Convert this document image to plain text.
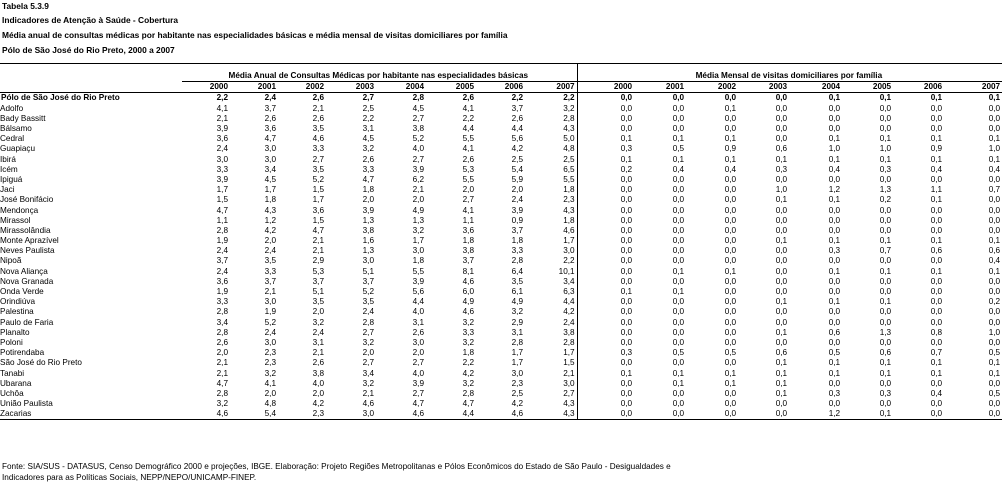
Tabela 5.3.9
Indicadores de Atenção à Saúde - Cobertura
Média anual de consultas médicas por habitante nas especialidades básicas e média mensal de visitas domiciliares por família
Pólo de São José do Rio Preto, 2000 a 2007

	Média Anual de Consultas Médicas por habitante nas especialidades básicas								Média Mensal de visitas domiciliares por família							
	2000	2001	2002	2003	2004	2005	2006	2007	2000	2001	2002	2003	2004	2005	2006	2007
Pólo de São José do Rio Preto	2,2	2,4	2,6	2,7	2,8	2,6	2,2	2,2	0,0	0,0	0,0	0,0	0,1	0,1	0,1	0,1
Adolfo	4,1	3,7	2,1	2,5	4,5	4,1	3,7	3,2	0,0	0,0	0,1	0,0	0,0	0,0	0,0	0,0
Bady Bassitt	2,1	2,6	2,6	2,2	2,7	2,2	2,6	2,8	0,0	0,0	0,0	0,0	0,0	0,0	0,0	0,0
Bálsamo	3,9	3,6	3,5	3,1	3,8	4,4	4,4	4,3	0,0	0,0	0,0	0,0	0,0	0,0	0,0	0,0
Cedral	3,6	4,7	4,6	4,5	5,2	5,5	5,6	5,0	0,1	0,1	0,1	0,0	0,1	0,1	0,1	0,1
Guapiaçu	2,4	3,0	3,3	3,2	4,0	4,1	4,2	4,8	0,3	0,5	0,9	0,6	1,0	1,0	0,9	1,0
Ibirá	3,0	3,0	2,7	2,6	2,7	2,6	2,5	2,5	0,1	0,1	0,1	0,1	0,1	0,1	0,1	0,1
Icém	3,3	3,4	3,5	3,3	3,9	5,3	5,4	6,5	0,2	0,4	0,4	0,3	0,4	0,3	0,4	0,4
Ipiguá	3,9	4,5	5,2	4,7	6,2	5,5	5,9	5,5	0,0	0,0	0,0	0,0	0,0	0,0	0,0	0,0
Jaci	1,7	1,7	1,5	1,8	2,1	2,0	2,0	1,8	0,0	0,0	0,0	1,0	1,2	1,3	1,1	0,7
José Bonifácio	1,5	1,8	1,7	2,0	2,0	2,7	2,4	2,3	0,0	0,0	0,0	0,1	0,1	0,2	0,1	0,0
Mendonça	4,7	4,3	3,6	3,9	4,9	4,1	3,9	4,3	0,0	0,0	0,0	0,0	0,0	0,0	0,0	0,0
Mirassol	1,1	1,2	1,5	1,3	1,3	1,1	0,9	1,8	0,0	0,0	0,0	0,0	0,0	0,0	0,0	0,0
Mirassolândia	2,8	4,2	4,7	3,8	3,2	3,6	3,7	4,6	0,0	0,0	0,0	0,0	0,0	0,0	0,0	0,0
Monte Aprazível	1,9	2,0	2,1	1,6	1,7	1,8	1,8	1,7	0,0	0,0	0,0	0,1	0,1	0,1	0,1	0,1
Neves Paulista	2,4	2,4	2,1	1,3	3,0	3,8	3,3	3,0	0,0	0,0	0,0	0,0	0,3	0,7	0,6	0,6
Nipoã	3,7	3,5	2,9	3,0	1,8	3,7	2,8	2,2	0,0	0,0	0,0	0,0	0,0	0,0	0,0	0,4
Nova Aliança	2,4	3,3	5,3	5,1	5,5	8,1	6,4	10,1	0,0	0,1	0,1	0,0	0,1	0,1	0,1	0,1
Nova Granada	3,6	3,7	3,7	3,7	3,9	4,6	3,5	3,4	0,0	0,0	0,0	0,0	0,0	0,0	0,0	0,0
Onda Verde	1,9	2,1	5,1	5,2	5,6	6,0	6,1	6,3	0,1	0,1	0,0	0,0	0,0	0,0	0,0	0,0
Orindiúva	3,3	3,0	3,5	3,5	4,4	4,9	4,9	4,4	0,0	0,0	0,0	0,1	0,1	0,1	0,0	0,2
Palestina	2,8	1,9	2,0	2,4	4,0	4,6	3,2	4,2	0,0	0,0	0,0	0,0	0,0	0,0	0,0	0,0
Paulo de Faria	3,4	5,2	3,2	2,8	3,1	3,2	2,9	2,4	0,0	0,0	0,0	0,0	0,0	0,0	0,0	0,0
Planalto	2,8	2,4	2,4	2,7	2,6	3,3	3,1	3,8	0,0	0,0	0,0	0,1	0,6	1,3	0,8	1,0
Poloni	2,6	3,0	3,1	3,2	3,0	3,2	2,8	2,8	0,0	0,0	0,0	0,0	0,0	0,0	0,0	0,0
Potirendaba	2,0	2,3	2,1	2,0	2,0	1,8	1,7	1,7	0,3	0,5	0,5	0,6	0,5	0,6	0,7	0,5
São José do Rio Preto	2,1	2,3	2,6	2,7	2,7	2,2	1,7	1,5	0,0	0,0	0,0	0,1	0,1	0,1	0,1	0,1
Tanabi	2,1	3,2	3,8	3,4	4,0	4,2	3,0	2,1	0,1	0,1	0,1	0,1	0,1	0,1	0,1	0,1
Ubarana	4,7	4,1	4,0	3,2	3,9	3,2	2,3	3,0	0,0	0,1	0,1	0,1	0,0	0,0	0,0	0,0
Uchôa	2,8	2,0	2,0	2,1	2,7	2,8	2,5	2,7	0,0	0,0	0,0	0,1	0,3	0,3	0,4	0,5
União Paulista	3,2	4,8	4,2	4,6	4,7	4,7	4,2	4,3	0,0	0,0	0,0	0,0	0,0	0,0	0,0	0,0
Zacarias	4,6	5,4	2,3	3,0	4,6	4,4	4,6	4,3	0,0	0,0	0,0	0,0	1,2	0,1	0,0	0,0
Fonte: SIA/SUS - DATASUS, Censo Demográfico 2000 e projeções, IBGE. Elaboração: Projeto Regiões Metropolitanas e Pólos Econômicos do Estado de São Paulo - Desigualdades e
Indicadores para as Políticas Sociais, NEPP/NEPO/UNICAMP-FINEP.
